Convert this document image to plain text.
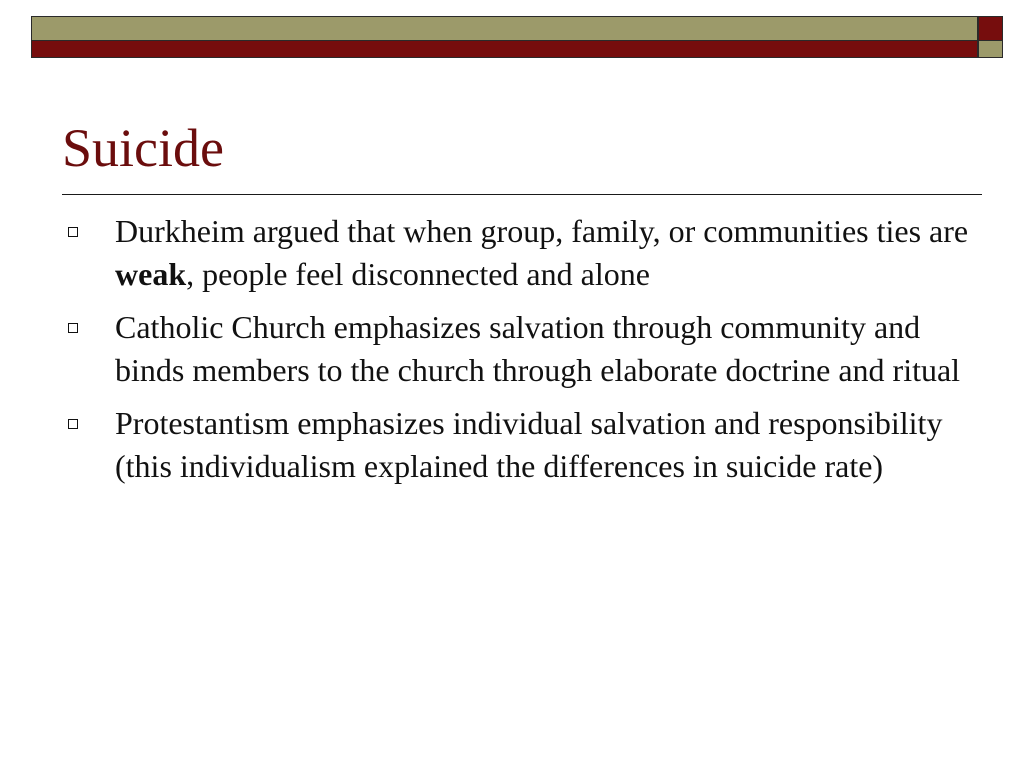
Suicide
Durkheim argued that when group, family, or communities ties are weak, people feel disconnected and alone
Catholic Church emphasizes salvation through community and binds members to the church through elaborate doctrine and ritual
Protestantism emphasizes individual salvation and responsibility (this individualism explained the differences in suicide rate)
